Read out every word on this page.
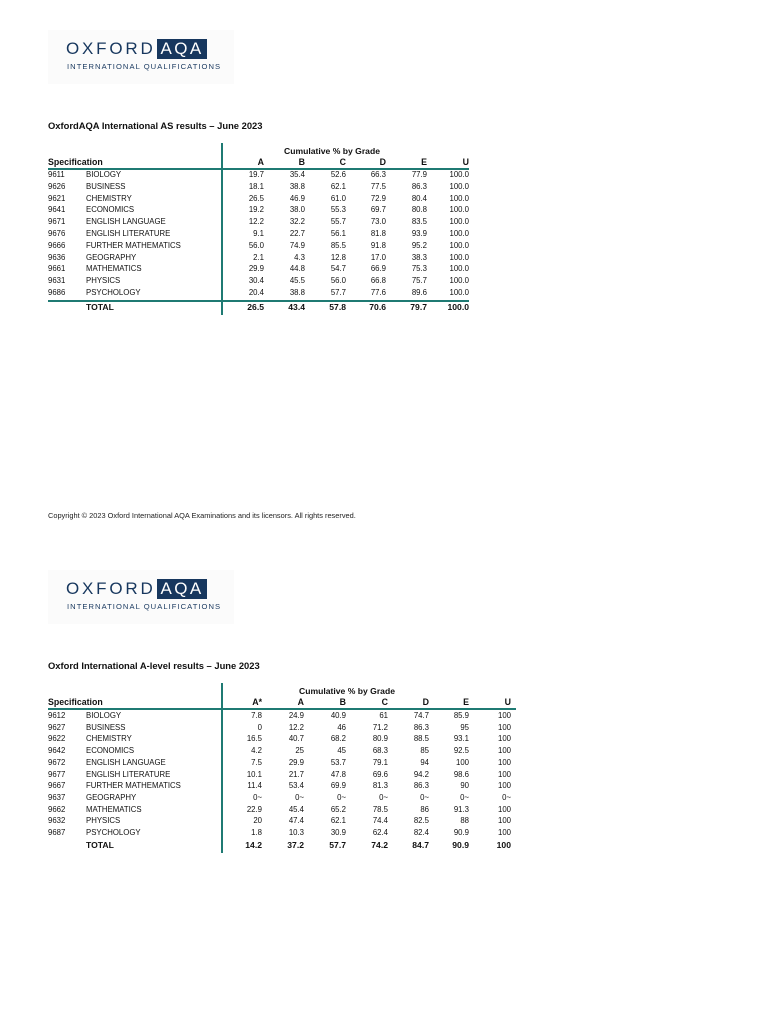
OXFORD AQA
INTERNATIONAL QUALIFICATIONS
OxfordAQA International AS results – June 2023
Cumulative % by Grade
Specification	A	B	C	D	E	U
9611	BIOLOGY	19.7	35.4	52.6	66.3	77.9	100.0
9626	BUSINESS	18.1	38.8	62.1	77.5	86.3	100.0
9621	CHEMISTRY	26.5	46.9	61.0	72.9	80.4	100.0
9641	ECONOMICS	19.2	38.0	55.3	69.7	80.8	100.0
9671	ENGLISH LANGUAGE	12.2	32.2	55.7	73.0	83.5	100.0
9676	ENGLISH LITERATURE	9.1	22.7	56.1	81.8	93.9	100.0
9666	FURTHER MATHEMATICS	56.0	74.9	85.5	91.8	95.2	100.0
9636	GEOGRAPHY	2.1	4.3	12.8	17.0	38.3	100.0
9661	MATHEMATICS	29.9	44.8	54.7	66.9	75.3	100.0
9631	PHYSICS	30.4	45.5	56.0	66.8	75.7	100.0
9686	PSYCHOLOGY	20.4	38.8	57.7	77.6	89.6	100.0
TOTAL	26.5	43.4	57.8	70.6	79.7	100.0
Copyright © 2023 Oxford International AQA Examinations and its licensors. All rights reserved.
OXFORD AQA
INTERNATIONAL QUALIFICATIONS
Oxford International A-level results – June 2023
Cumulative % by Grade
Specification	A*	A	B	C	D	E	U
9612	BIOLOGY	7.8	24.9	40.9	61	74.7	85.9	100
9627	BUSINESS	0	12.2	46	71.2	86.3	95	100
9622	CHEMISTRY	16.5	40.7	68.2	80.9	88.5	93.1	100
9642	ECONOMICS	4.2	25	45	68.3	85	92.5	100
9672	ENGLISH LANGUAGE	7.5	29.9	53.7	79.1	94	100	100
9677	ENGLISH LITERATURE	10.1	21.7	47.8	69.6	94.2	98.6	100
9667	FURTHER MATHEMATICS	11.4	53.4	69.9	81.3	86.3	90	100
9637	GEOGRAPHY	0~	0~	0~	0~	0~	0~	0~
9662	MATHEMATICS	22.9	45.4	65.2	78.5	86	91.3	100
9632	PHYSICS	20	47.4	62.1	74.4	82.5	88	100
9687	PSYCHOLOGY	1.8	10.3	30.9	62.4	82.4	90.9	100
TOTAL	14.2	37.2	57.7	74.2	84.7	90.9	100
